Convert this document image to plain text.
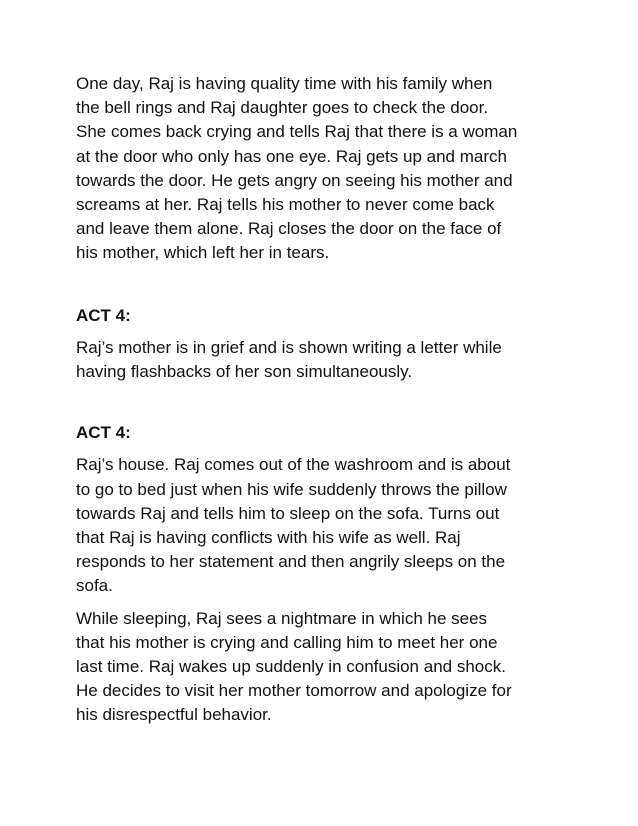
One day, Raj is having quality time with his family when
the bell rings and Raj daughter goes to check the door.
She comes back crying and tells Raj that there is a woman
at the door who only has one eye. Raj gets up and march
towards the door. He gets angry on seeing his mother and
screams at her. Raj tells his mother to never come back
and leave them alone. Raj closes the door on the face of
his mother, which left her in tears.

ACT 4:

Raj’s mother is in grief and is shown writing a letter while
having flashbacks of her son simultaneously.

ACT 4:

Raj’s house. Raj comes out of the washroom and is about
to go to bed just when his wife suddenly throws the pillow
towards Raj and tells him to sleep on the sofa. Turns out
that Raj is having conflicts with his wife as well. Raj
responds to her statement and then angrily sleeps on the
sofa.

While sleeping, Raj sees a nightmare in which he sees
that his mother is crying and calling him to meet her one
last time. Raj wakes up suddenly in confusion and shock.
He decides to visit her mother tomorrow and apologize for
his disrespectful behavior.
